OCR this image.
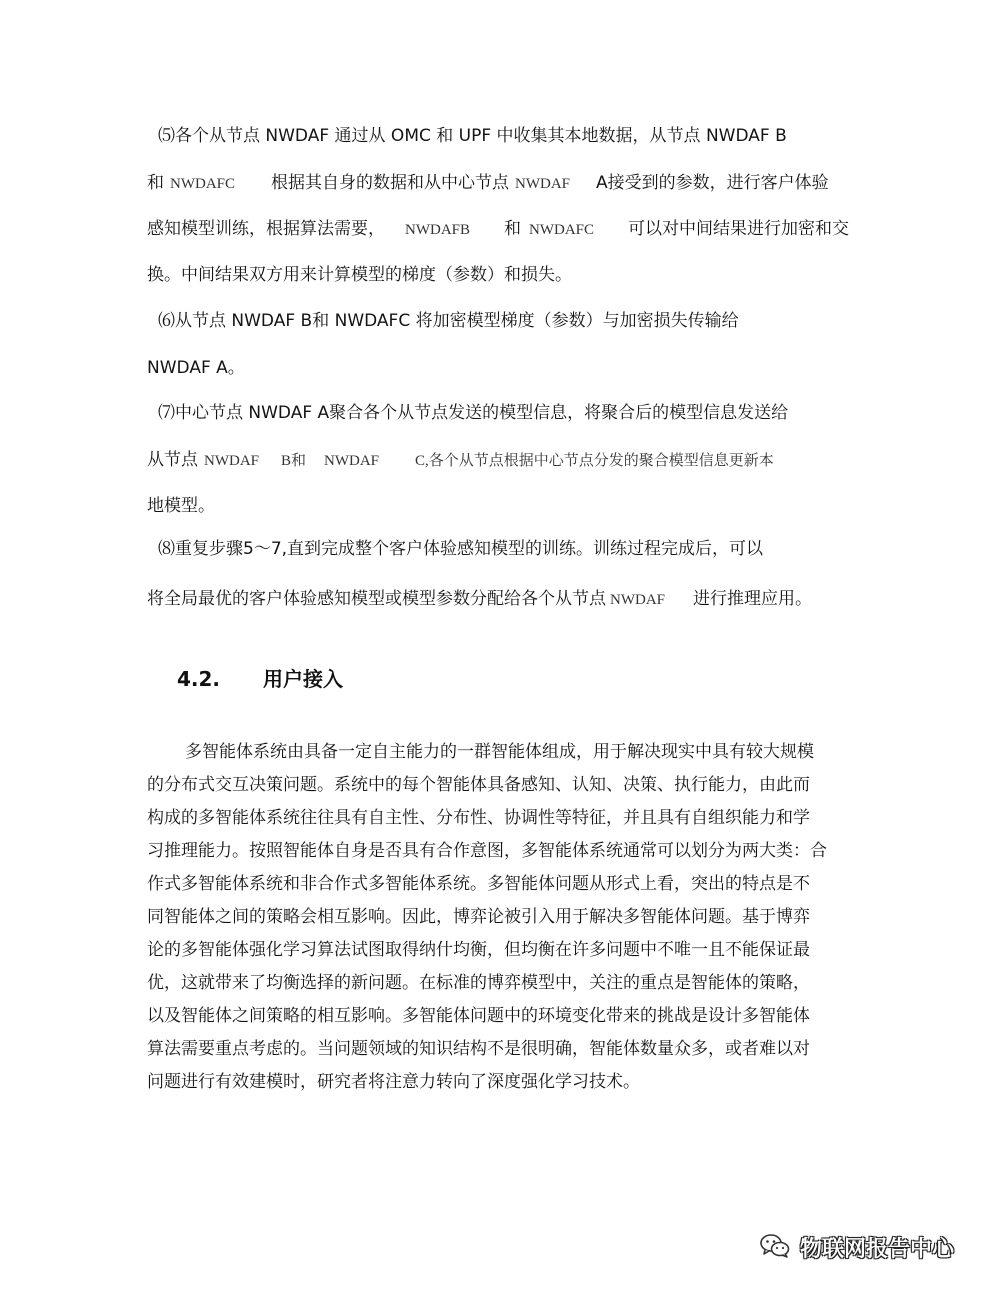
⑸各个从节点 NWDAF 通过从 OMC 和 UPF 中收集其本地数据，从节点 NWDAF B
和 NWDAFC 根据其自身的数据和从中心节点 NWDAF A接受到的参数，进行客户体验
感知模型训练，根据算法需要， NWDAFB 和 NWDAFC 可以对中间结果进行加密和交
换。中间结果双方用来计算模型的梯度（参数）和损失。
⑹从节点 NWDAF B和 NWDAFC 将加密模型梯度（参数）与加密损失传输给
NWDAF A。
⑺中心节点 NWDAF A聚合各个从节点发送的模型信息，将聚合后的模型信息发送给
从节点 NWDAF B和 NWDAF C,各个从节点根据中心节点分发的聚合模型信息更新本
地模型。
⑻重复步骤5～7,直到完成整个客户体验感知模型的训练。训练过程完成后，可以
将全局最优的客户体验感知模型或模型参数分配给各个从节点 NWDAF 进行推理应用。
4.2. 用户接入
多智能体系统由具备一定自主能力的一群智能体组成，用于解决现实中具有较大规模
的分布式交互决策问题。系统中的每个智能体具备感知、认知、决策、执行能力，由此而
构成的多智能体系统往往具有自主性、分布性、协调性等特征，并且具有自组织能力和学
习推理能力。按照智能体自身是否具有合作意图，多智能体系统通常可以划分为两大类：合
作式多智能体系统和非合作式多智能体系统。多智能体问题从形式上看，突出的特点是不
同智能体之间的策略会相互影响。因此，博弈论被引入用于解决多智能体问题。基于博弈
论的多智能体强化学习算法试图取得纳什均衡，但均衡在许多问题中不唯一且不能保证最
优，这就带来了均衡选择的新问题。在标准的博弈模型中，关注的重点是智能体的策略，
以及智能体之间策略的相互影响。多智能体问题中的环境变化带来的挑战是设计多智能体
算法需要重点考虑的。当问题领域的知识结构不是很明确，智能体数量众多，或者难以对
问题进行有效建模时，研究者将注意力转向了深度强化学习技术。
物联网报告中心
